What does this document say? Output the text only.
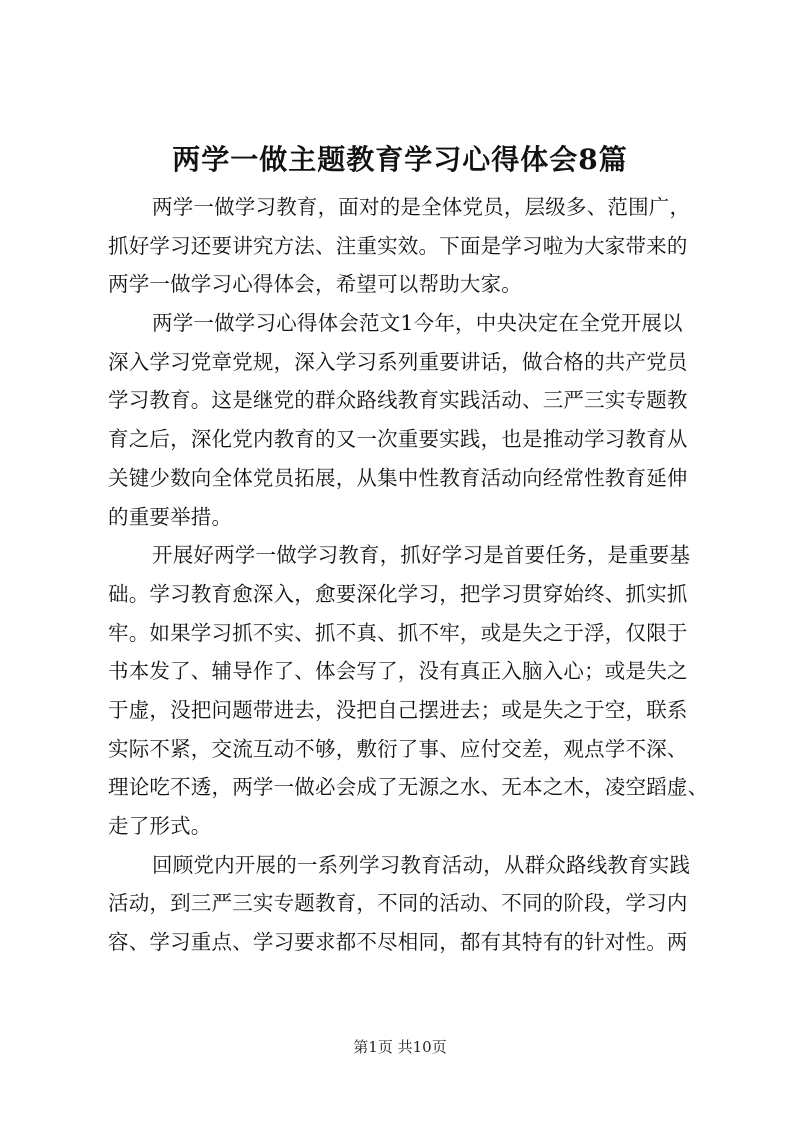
两学一做主题教育学习心得体会8篇
两学一做学习教育，面对的是全体党员，层级多、范围广，
抓好学习还要讲究方法、注重实效。下面是学习啦为大家带来的
两学一做学习心得体会，希望可以帮助大家。
两学一做学习心得体会范文1今年，中央决定在全党开展以
深入学习党章党规，深入学习系列重要讲话，做合格的共产党员
学习教育。这是继党的群众路线教育实践活动、三严三实专题教
育之后，深化党内教育的又一次重要实践，也是推动学习教育从
关键少数向全体党员拓展，从集中性教育活动向经常性教育延伸
的重要举措。
开展好两学一做学习教育，抓好学习是首要任务，是重要基
础。学习教育愈深入，愈要深化学习，把学习贯穿始终、抓实抓
牢。如果学习抓不实、抓不真、抓不牢，或是失之于浮，仅限于
书本发了、辅导作了、体会写了，没有真正入脑入心；或是失之
于虚，没把问题带进去，没把自己摆进去；或是失之于空，联系
实际不紧，交流互动不够，敷衍了事、应付交差，观点学不深、
理论吃不透，两学一做必会成了无源之水、无本之木，凌空蹈虚、
走了形式。
回顾党内开展的一系列学习教育活动，从群众路线教育实践
活动，到三严三实专题教育，不同的活动、不同的阶段，学习内
容、学习重点、学习要求都不尽相同，都有其特有的针对性。两
第1页 共10页
